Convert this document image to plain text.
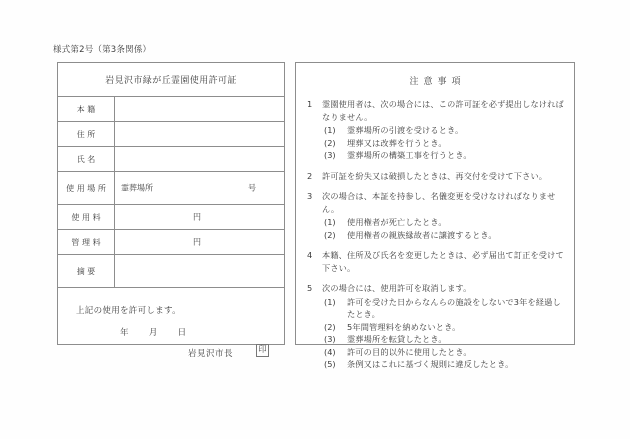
様式第2号（第3条関係）
岩見沢市緑が丘霊園使用許可証
本籍
住所
氏名
使用場所	霊葬場所	号
使用料	円
管理料	円
摘要
上記の使用を許可します。
年 月 日
岩見沢市長	印
注意事項
1	霊園使用者は、次の場合には、この許可証を必ず提出しなければなりません。
(1)	霊葬場所の引渡を受けるとき。
(2)	埋葬又は改葬を行うとき。
(3)	霊葬場所の構築工事を行うとき。
2	許可証を紛失又は破損したときは、再交付を受けて下さい。
3	次の場合は、本証を持参し、名儀変更を受けなければなりません。
(1)	使用権者が死亡したとき。
(2)	使用権者の親族縁故者に譲渡するとき。
4	本籍、住所及び氏名を変更したときは、必ず届出て訂正を受けて下さい。
5	次の場合には、使用許可を取消します。
(1)	許可を受けた日からなんらの施設をしないで3年を経過したとき。
(2)	5年間管理料を納めないとき。
(3)	霊葬場所を転貸したとき。
(4)	許可の目的以外に使用したとき。
(5)	条例又はこれに基づく規則に違反したとき。
